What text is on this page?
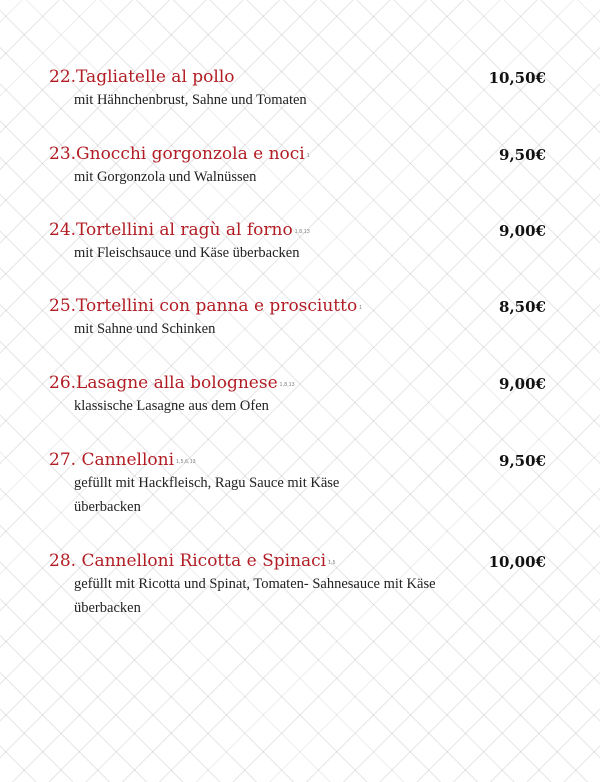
22.Tagliatelle al pollo
mit Hähnchenbrust, Sahne und Tomaten
10,50€
23.Gnocchi gorgonzola e noci $^1$
mit Gorgonzola und Walnüssen
9,50€
24.Tortellini al ragù al forno $^{1,8,13}$
mit Fleischsauce und Käse überbacken
9,00€
25.Tortellini con panna e prosciutto $^1$
mit Sahne und Schinken
8,50€
26.Lasagne alla bolognese $^{1,8,13}$
klassische Lasagne aus dem Ofen
9,00€
27. Cannelloni $^{1,5,6,13}$
gefüllt mit Hackfleisch, Ragu Sauce mit Käse überbacken
9,50€
28. Cannelloni Ricotta e Spinaci $^{1,5}$
gefüllt mit Ricotta und Spinat, Tomaten- Sahnesauce mit Käse überbacken
10,00€
